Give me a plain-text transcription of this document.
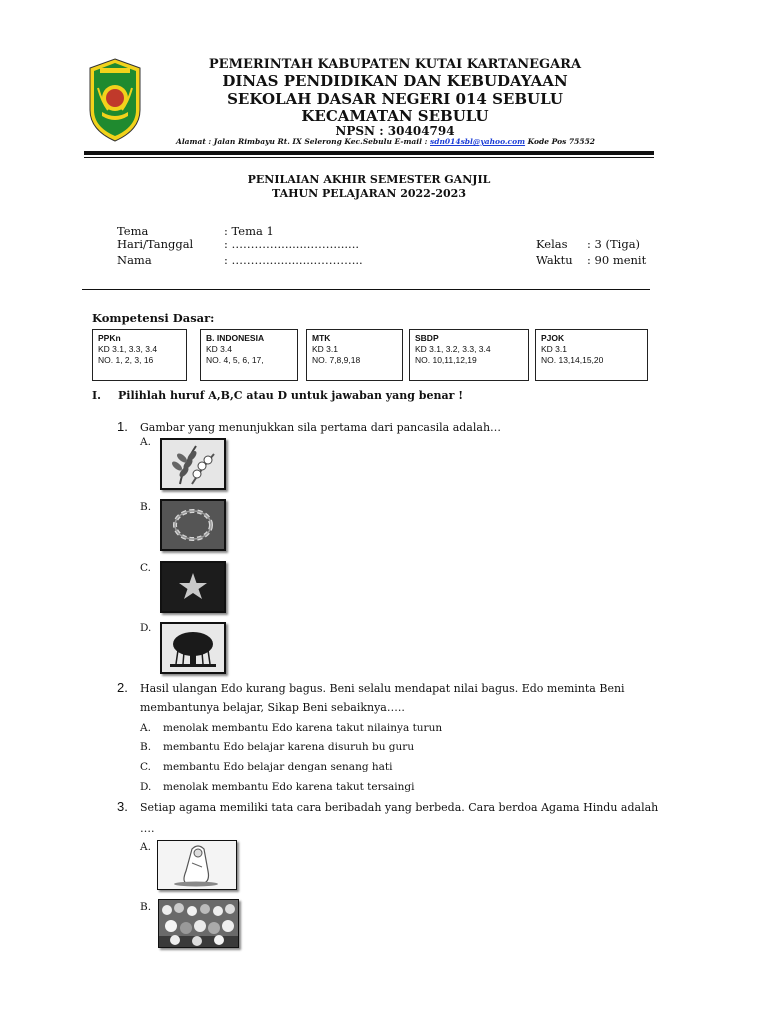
PEMERINTAH KABUPATEN KUTAI KARTANEGARA
DINAS PENDIDIKAN DAN KEBUDAYAAN
SEKOLAH DASAR NEGERI 014 SEBULU
KECAMATAN SEBULU
NPSN : 30404794
Alamat : Jalan Rimbayu Rt. IX Selerong Kec.Sebulu E-mail : sdn014sbl@yahoo.com Kode Pos 75552
PENILAIAN AKHIR SEMESTER GANJIL
TAHUN PELAJARAN 2022-2023
Tema	: Tema 1
Hari/Tanggal	: ………….........…….......
Nama	: ………..............………...
Kelas : 3 (Tiga)
Waktu : 90 menit
Kompetensi Dasar:
PPKn
KD 3.1, 3.3, 3.4
NO. 1, 2, 3, 16
B. INDONESIA
KD 3.4
NO. 4, 5, 6, 17,
MTK
KD 3.1
NO. 7,8,9,18
SBDP
KD 3.1, 3.2, 3.3, 3.4
NO. 10,11,12,19
PJOK
KD 3.1
NO. 13,14,15,20
I. Pilihlah huruf A,B,C atau D untuk jawaban yang benar !
1. Gambar yang menunjukkan sila pertama dari pancasila adalah…
A.
B.
C.
D.
2. Hasil ulangan Edo kurang bagus. Beni selalu mendapat nilai bagus. Edo meminta Beni
membantunya belajar, Sikap Beni sebaiknya…..
A. menolak membantu Edo karena takut nilainya turun
B. membantu Edo belajar karena disuruh bu guru
C. membantu Edo belajar dengan senang hati
D. menolak membantu Edo karena takut tersaingi
3. Setiap agama memiliki tata cara beribadah yang berbeda. Cara berdoa Agama Hindu adalah
….
A.
B.
